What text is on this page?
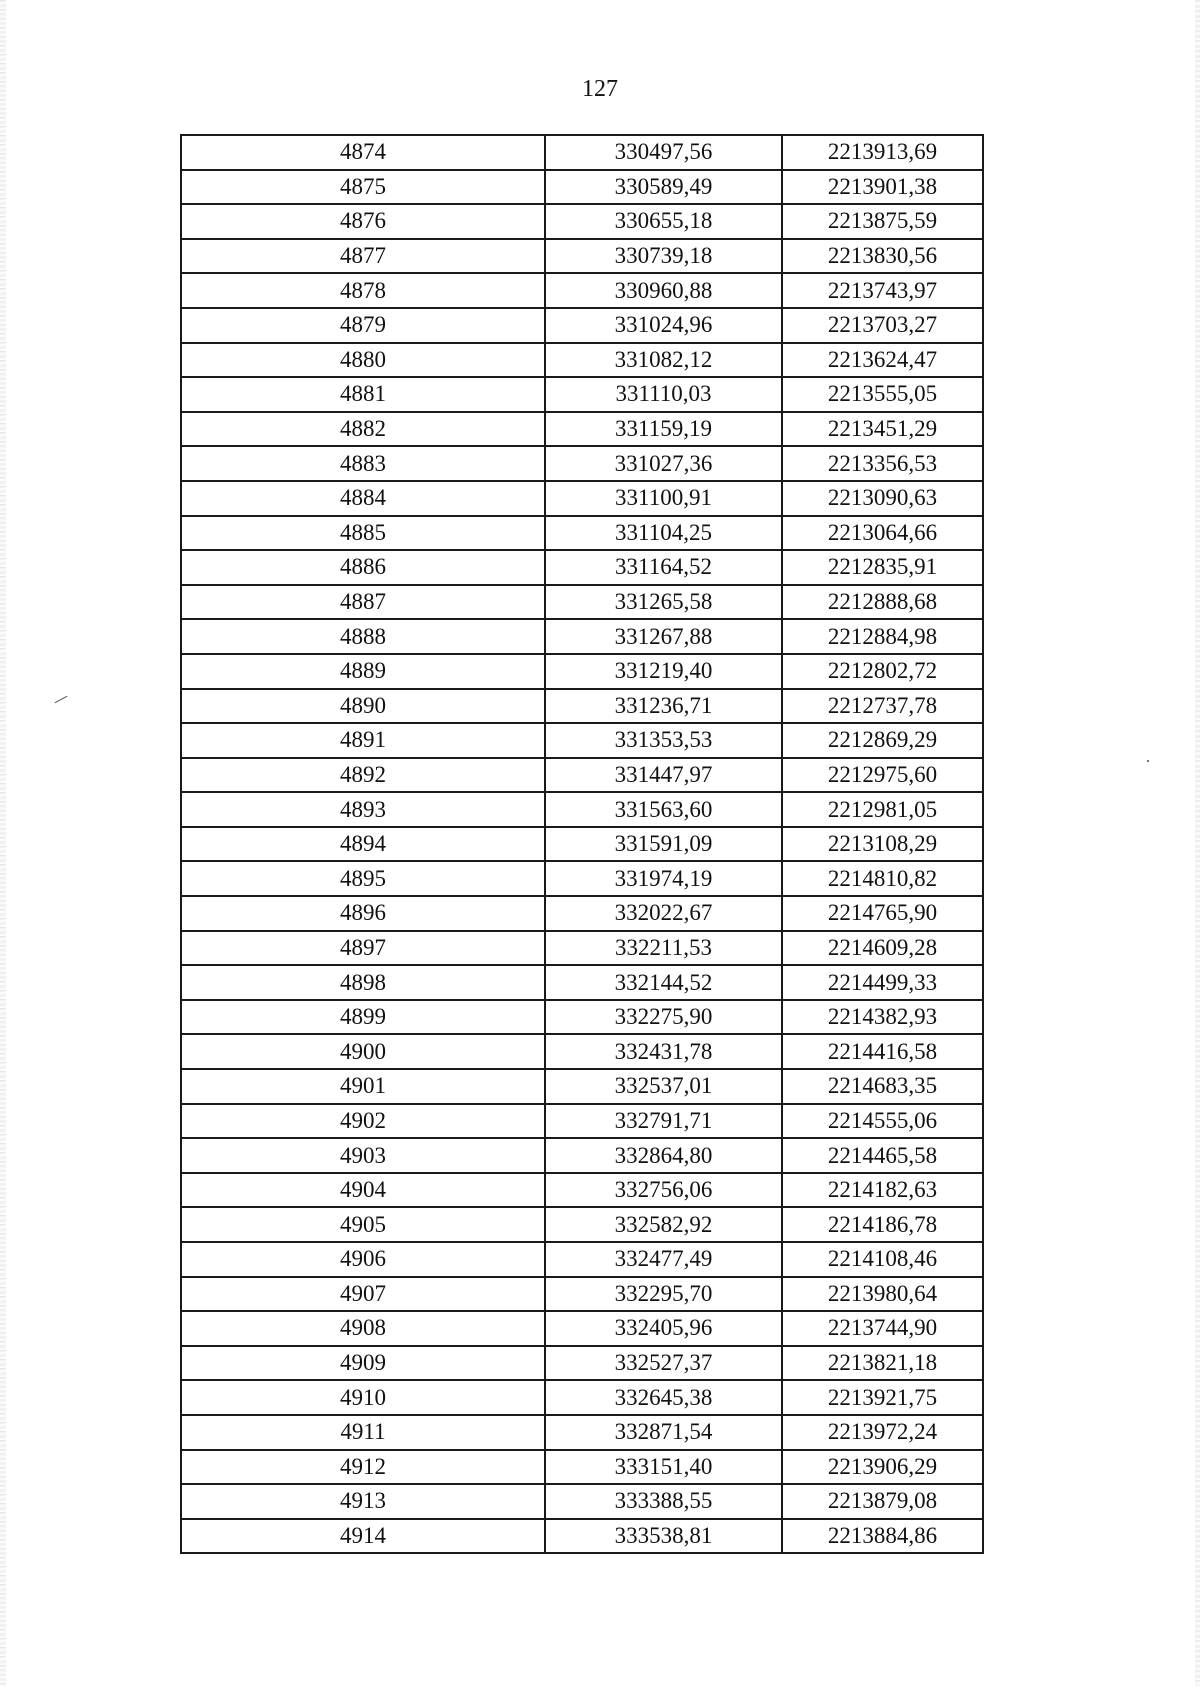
127
4874	330497,56	2213913,69
4875	330589,49	2213901,38
4876	330655,18	2213875,59
4877	330739,18	2213830,56
4878	330960,88	2213743,97
4879	331024,96	2213703,27
4880	331082,12	2213624,47
4881	331110,03	2213555,05
4882	331159,19	2213451,29
4883	331027,36	2213356,53
4884	331100,91	2213090,63
4885	331104,25	2213064,66
4886	331164,52	2212835,91
4887	331265,58	2212888,68
4888	331267,88	2212884,98
4889	331219,40	2212802,72
4890	331236,71	2212737,78
4891	331353,53	2212869,29
4892	331447,97	2212975,60
4893	331563,60	2212981,05
4894	331591,09	2213108,29
4895	331974,19	2214810,82
4896	332022,67	2214765,90
4897	332211,53	2214609,28
4898	332144,52	2214499,33
4899	332275,90	2214382,93
4900	332431,78	2214416,58
4901	332537,01	2214683,35
4902	332791,71	2214555,06
4903	332864,80	2214465,58
4904	332756,06	2214182,63
4905	332582,92	2214186,78
4906	332477,49	2214108,46
4907	332295,70	2213980,64
4908	332405,96	2213744,90
4909	332527,37	2213821,18
4910	332645,38	2213921,75
4911	332871,54	2213972,24
4912	333151,40	2213906,29
4913	333388,55	2213879,08
4914	333538,81	2213884,86
